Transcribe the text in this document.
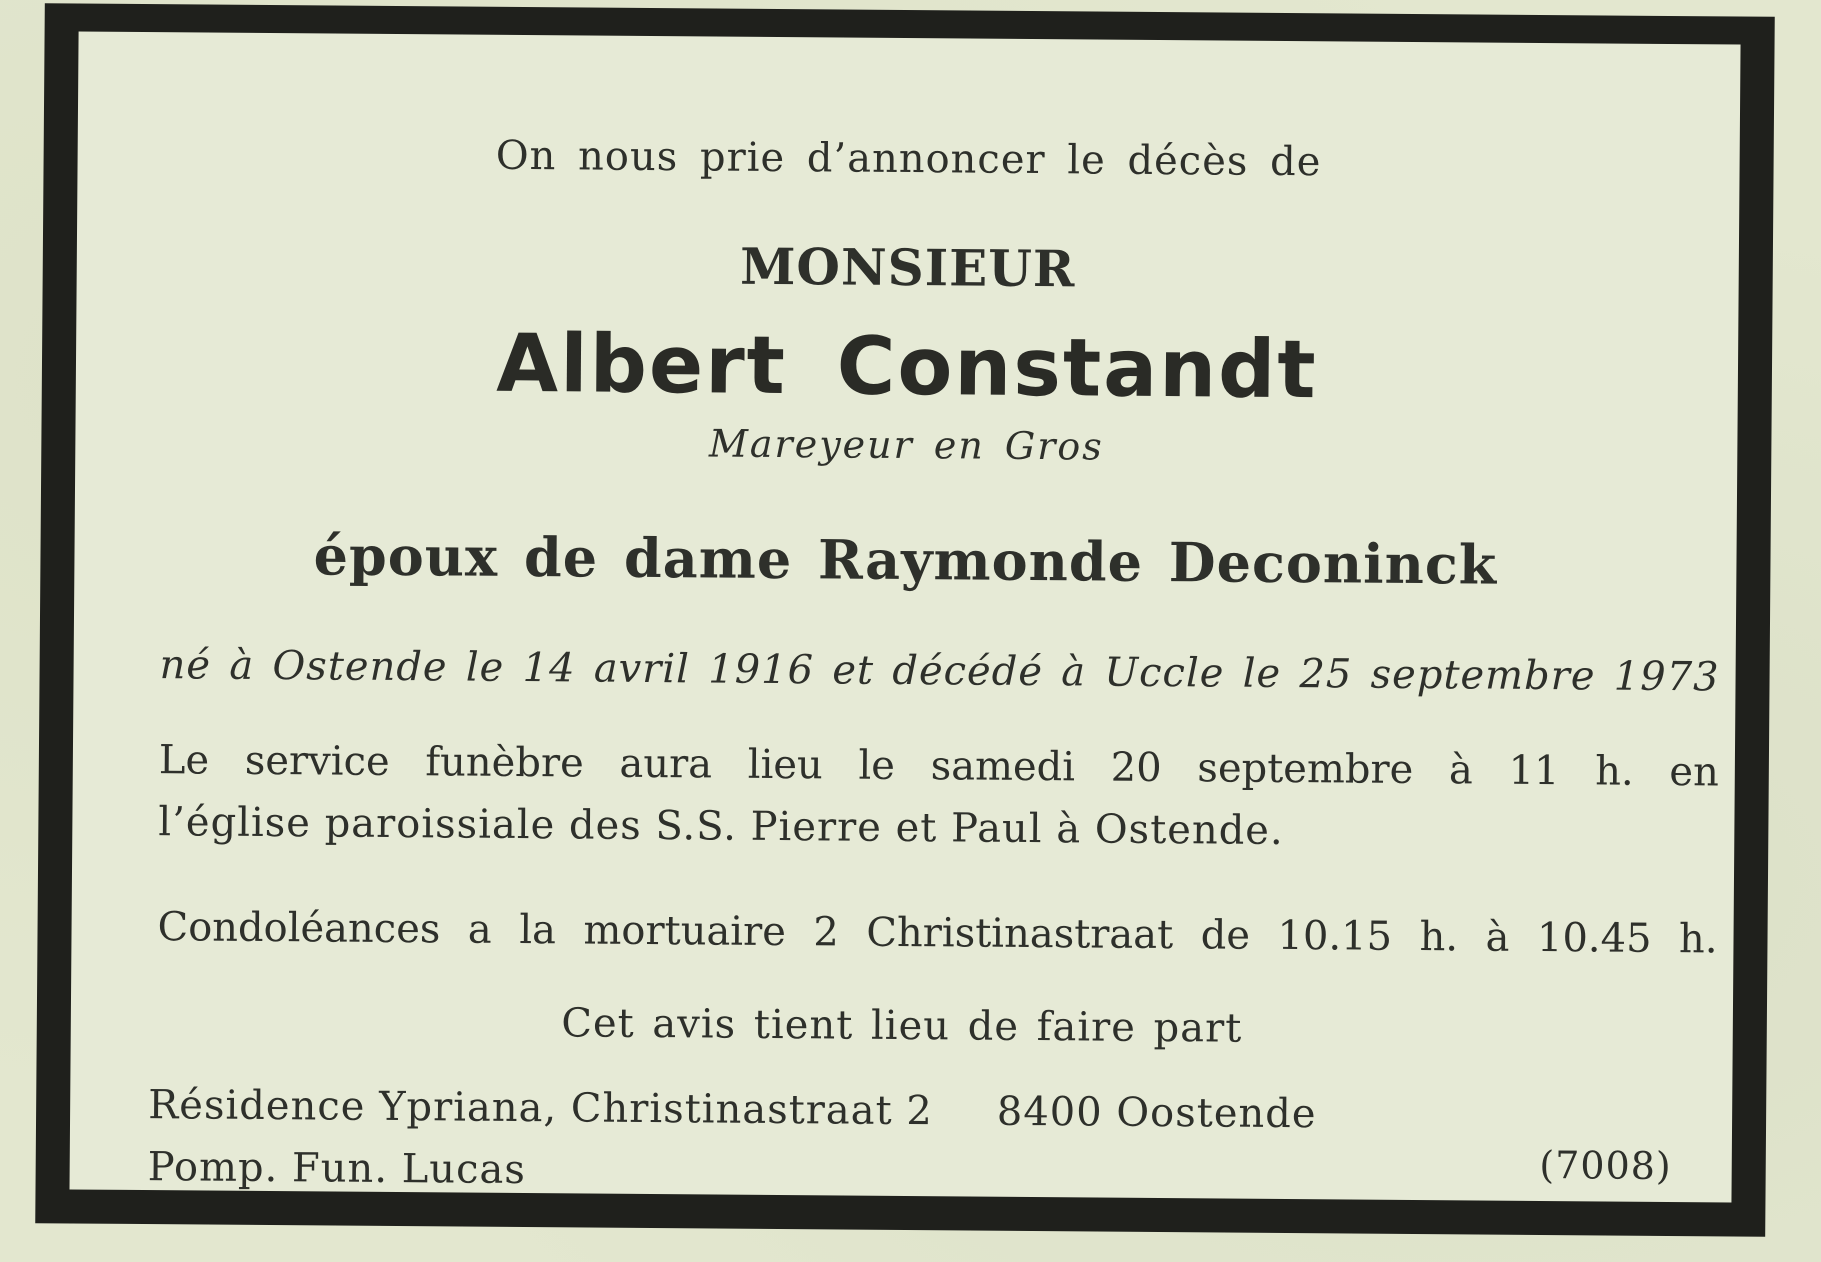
On nous prie d’annoncer le décès de

MONSIEUR

Albert Constandt

Mareyeur en Gros

époux de dame Raymonde Deconinck

né à Ostende le 14 avril 1916 et décédé à Uccle le 25 septembre 1973

Le service funèbre aura lieu le samedi 20 septembre à 11 h. en

l’église paroissiale des S.S. Pierre et Paul à Ostende.

Condoléances a la mortuaire 2 Christinastraat de 10.15 h. à 10.45 h.

Cet avis tient lieu de faire part

Résidence Ypriana, Christinastraat 2 8400 Oostende

Pomp. Fun. Lucas	(7008)
